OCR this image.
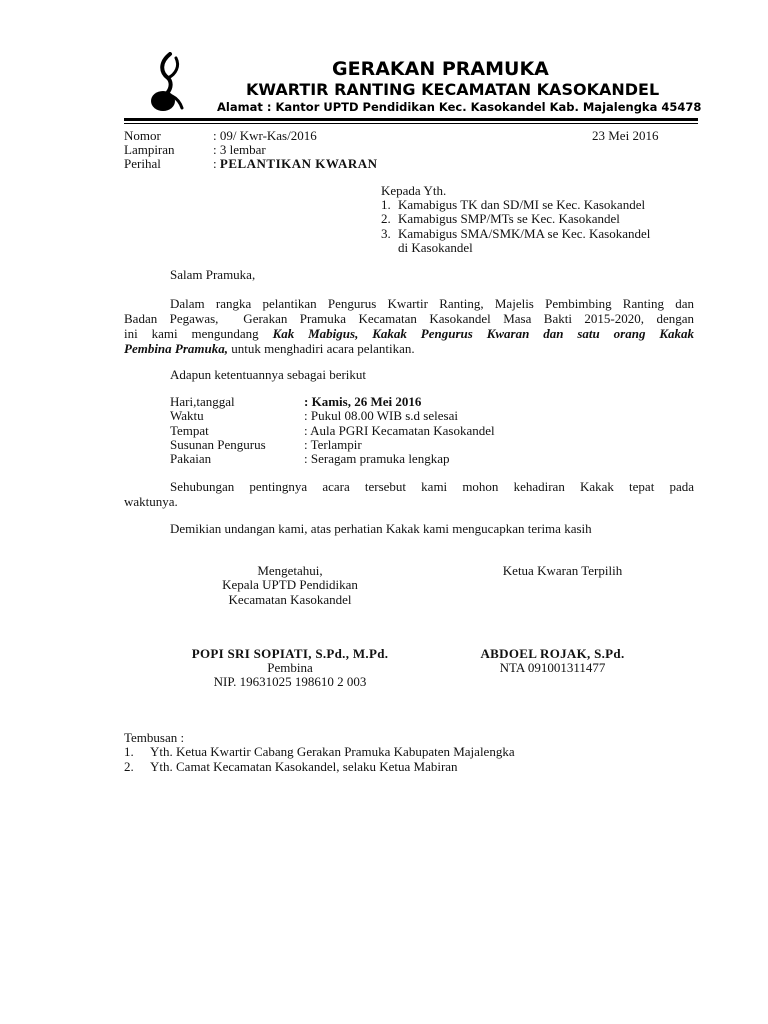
GERAKAN PRAMUKA
KWARTIR RANTING KECAMATAN KASOKANDEL
Alamat : Kantor UPTD Pendidikan Kec. Kasokandel Kab. Majalengka 45478
Nomor	: 09/ Kwr-Kas/2016	23 Mei 2016
Lampiran	: 3 lembar
Perihal	: PELANTIKAN KWARAN
Kepada Yth.
1. Kamabigus TK dan SD/MI se Kec. Kasokandel
2. Kamabigus SMP/MTs se Kec. Kasokandel
3. Kamabigus SMA/SMK/MA se Kec. Kasokandel
di Kasokandel
Salam Pramuka,
Dalam rangka pelantikan Pengurus Kwartir Ranting, Majelis Pembimbing Ranting dan
Badan Pegawas,  Gerakan Pramuka Kecamatan Kasokandel Masa Bakti 2015-2020, dengan
ini kami mengundang Kak Mabigus, Kakak Pengurus Kwaran dan satu orang Kakak
Pembina Pramuka, untuk menghadiri acara pelantikan.
Adapun ketentuannya sebagai berikut
Hari,tanggal	: Kamis, 26 Mei 2016
Waktu	: Pukul 08.00 WIB s.d selesai
Tempat	: Aula PGRI Kecamatan Kasokandel
Susunan Pengurus	: Terlampir
Pakaian	: Seragam pramuka lengkap
Sehubungan pentingnya acara tersebut kami mohon kehadiran Kakak tepat pada
waktunya.
Demikian undangan kami, atas perhatian Kakak kami mengucapkan terima kasih
Mengetahui,
Kepala UPTD Pendidikan
Kecamatan Kasokandel
Ketua Kwaran Terpilih
POPI SRI SOPIATI, S.Pd., M.Pd.
Pembina
NIP. 19631025 198610 2 003
ABDOEL ROJAK, S.Pd.
NTA 091001311477
Tembusan :
1. Yth. Ketua Kwartir Cabang Gerakan Pramuka Kabupaten Majalengka
2. Yth. Camat Kecamatan Kasokandel, selaku Ketua Mabiran
